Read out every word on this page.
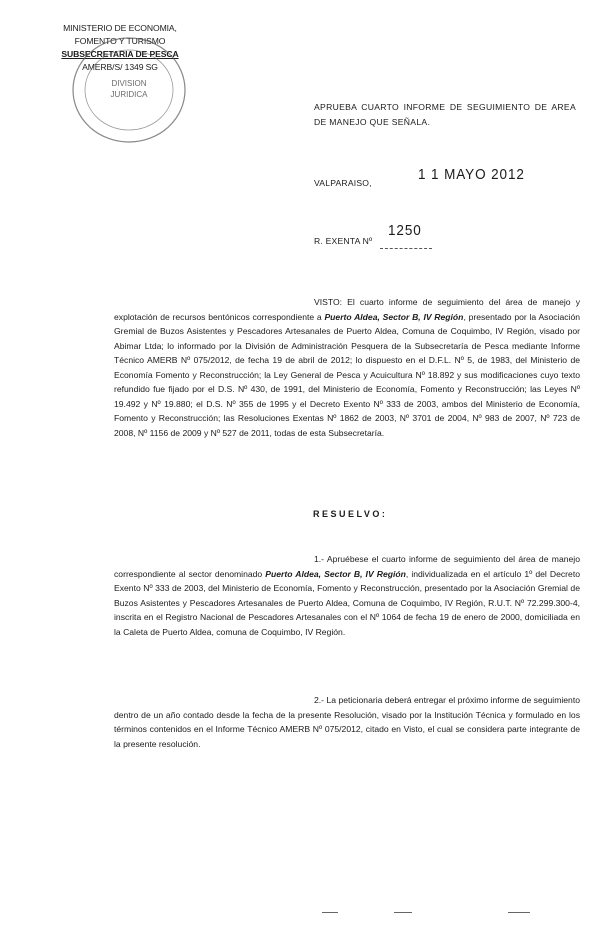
MINISTERIO DE ECONOMIA,
FOMENTO Y TURISMO
SUBSECRETARIA DE PESCA
AMERB/S/ 1349 SG
DIVISION
JURIDICA
APRUEBA CUARTO INFORME DE SEGUIMIENTO DE AREA DE MANEJO QUE SEÑALA.
VALPARAISO,	1 1 MAYO 2012
R. EXENTA Nº
1250
VISTO: El cuarto informe de seguimiento del área de manejo y explotación de recursos bentónicos correspondiente a Puerto Aldea, Sector B, IV Región, presentado por la Asociación Gremial de Buzos Asistentes y Pescadores Artesanales de Puerto Aldea, Comuna de Coquimbo, IV Región, visado por Abimar Ltda; lo informado por la División de Administración Pesquera de la Subsecretaría de Pesca mediante Informe Técnico AMERB Nº 075/2012, de fecha 19 de abril de 2012; lo dispuesto en el D.F.L. Nº 5, de 1983, del Ministerio de Economía Fomento y Reconstrucción; la Ley General de Pesca y Acuicultura Nº 18.892 y sus modificaciones cuyo texto refundido fue fijado por el D.S. Nº 430, de 1991, del Ministerio de Economía, Fomento y Reconstrucción; las Leyes Nº 19.492 y Nº 19.880; el D.S. Nº 355 de 1995 y el Decreto Exento Nº 333 de 2003, ambos del Ministerio de Economía, Fomento y Reconstrucción; las Resoluciones Exentas Nº 1862 de 2003, Nº 3701 de 2004, Nº 983 de 2007, Nº 723 de 2008, Nº 1156 de 2009 y Nº 527 de 2011, todas de esta Subsecretaría.
RESUELVO:
1.- Apruébese el cuarto informe de seguimiento del área de manejo correspondiente al sector denominado Puerto Aldea, Sector B, IV Región, individualizada en el artículo 1º del Decreto Exento Nº 333 de 2003, del Ministerio de Economía, Fomento y Reconstrucción, presentado por la Asociación Gremial de Buzos Asistentes y Pescadores Artesanales de Puerto Aldea, Comuna de Coquimbo, IV Región, R.U.T. Nº 72.299.300-4, inscrita en el Registro Nacional de Pescadores Artesanales con el Nº 1064 de fecha 19 de enero de 2000, domiciliada en la Caleta de Puerto Aldea, comuna de Coquimbo, IV Región.
2.- La peticionaria deberá entregar el próximo informe de seguimiento dentro de un año contado desde la fecha de la presente Resolución, visado por la Institución Técnica y formulado en los términos contenidos en el Informe Técnico AMERB Nº 075/2012, citado en Visto, el cual se considera parte integrante de la presente resolución.
